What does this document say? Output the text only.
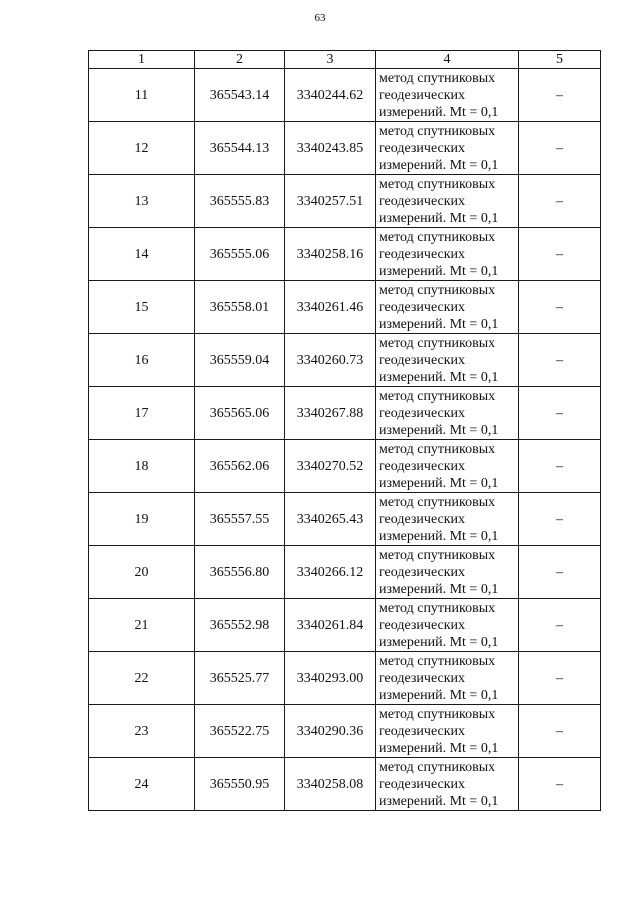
63
1	2	3	4	5
11	365543.14	3340244.62	метод спутниковых
геодезических
измерений. Mt = 0,1	–
12	365544.13	3340243.85	метод спутниковых
геодезических
измерений. Mt = 0,1	–
13	365555.83	3340257.51	метод спутниковых
геодезических
измерений. Mt = 0,1	–
14	365555.06	3340258.16	метод спутниковых
геодезических
измерений. Mt = 0,1	–
15	365558.01	3340261.46	метод спутниковых
геодезических
измерений. Mt = 0,1	–
16	365559.04	3340260.73	метод спутниковых
геодезических
измерений. Mt = 0,1	–
17	365565.06	3340267.88	метод спутниковых
геодезических
измерений. Mt = 0,1	–
18	365562.06	3340270.52	метод спутниковых
геодезических
измерений. Mt = 0,1	–
19	365557.55	3340265.43	метод спутниковых
геодезических
измерений. Mt = 0,1	–
20	365556.80	3340266.12	метод спутниковых
геодезических
измерений. Mt = 0,1	–
21	365552.98	3340261.84	метод спутниковых
геодезических
измерений. Mt = 0,1	–
22	365525.77	3340293.00	метод спутниковых
геодезических
измерений. Mt = 0,1	–
23	365522.75	3340290.36	метод спутниковых
геодезических
измерений. Mt = 0,1	–
24	365550.95	3340258.08	метод спутниковых
геодезических
измерений. Mt = 0,1	–
